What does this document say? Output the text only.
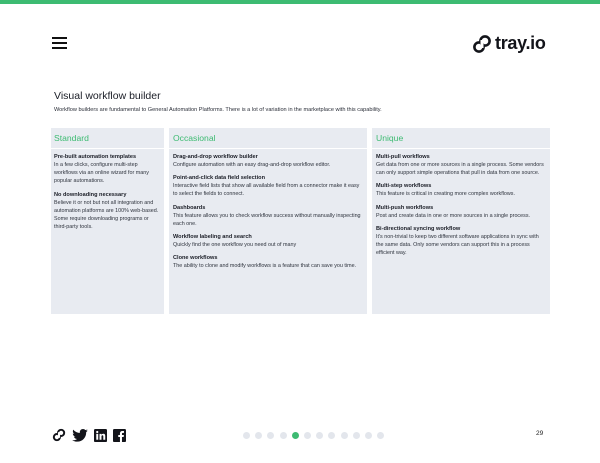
tray.io
Visual workflow builder
Workflow builders are fundamental to General Automation Platforms. There is a lot of variation in the marketplace with this capability.
Standard
Pre-built automation templates
In a few clicks, configure multi-step workflows via an online wizard for many popular automations.
No downloading necessary
Believe it or not but not all integration and automation platforms are 100% web-based. Some require downloading programs or third-party tools.
Occasional
Drag-and-drop workflow builder
Configure automation with an easy drag-and-drop workflow editor.
Point-and-click data field selection
Interactive field lists that show all available field from a connector make it easy to select the fields to connect.
Dashboards
This feature allows you to check workflow success without manually inspecting each one.
Workflow labeling and search
Quickly find the one workflow you need out of many
Clone workflows
The ability to clone and modify workflows is a feature that can save you time.
Unique
Multi-pull workflows
Get data from one or more sources in a single process. Some vendors can only support simple operations that pull in data from one source.
Multi-step workflows
This feature is critical in creating more complex workflows.
Multi-push workflows
Post and create data in one or more sources in a single process.
Bi-directional syncing workflow
It's non-trivial to keep two different software applications in sync with the same data. Only some vendors can support this in a process efficient way.
29
